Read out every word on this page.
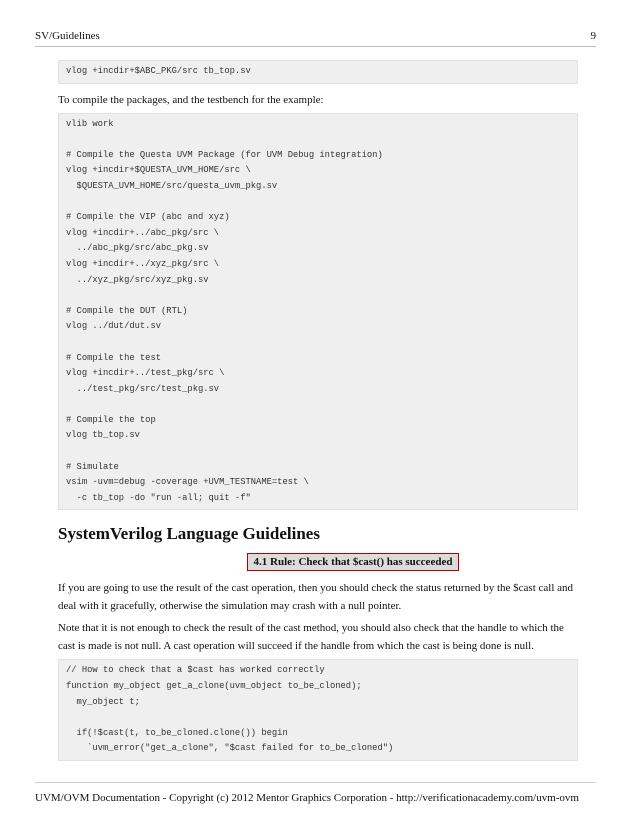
SV/Guidelines	9
vlog +incdir+$ABC_PKG/src tb_top.sv

To compile the packages, and the testbench for the example:

vlib work
# Compile the Questa UVM Package (for UVM Debug integration)
vlog +incdir+$QUESTA_UVM_HOME/src \
$QUESTA_UVM_HOME/src/questa_uvm_pkg.sv
# Compile the VIP (abc and xyz)
vlog +incdir+../abc_pkg/src \
../abc_pkg/src/abc_pkg.sv
vlog +incdir+../xyz_pkg/src \
../xyz_pkg/src/xyz_pkg.sv
# Compile the DUT (RTL)
vlog ../dut/dut.sv
# Compile the test
vlog +incdir+../test_pkg/src \
../test_pkg/src/test_pkg.sv
# Compile the top
vlog tb_top.sv
# Simulate
vsim -uvm=debug -coverage +UVM_TESTNAME=test \
-c tb_top -do "run -all; quit -f"
SystemVerilog Language Guidelines
4.1 Rule: Check that $cast() has succeeded

If you are going to use the result of the cast operation, then you should check the status returned by the $cast call and deal with it gracefully, otherwise the simulation may crash with a null pointer.

Note that it is not enough to check the result of the cast method, you should also check that the handle to which the cast is made is not null. A cast operation will succeed if the handle from which the cast is being done is null.

// How to check that a $cast has worked correctly
function my_object get_a_clone(uvm_object to_be_cloned);
my_object t;
if(!$cast(t, to_be_cloned.clone()) begin
`uvm_error("get_a_clone", "$cast failed for to_be_cloned")
UVM/OVM Documentation - Copyright (c) 2012 Mentor Graphics Corporation - http://verificationacademy.com/uvm-ovm
